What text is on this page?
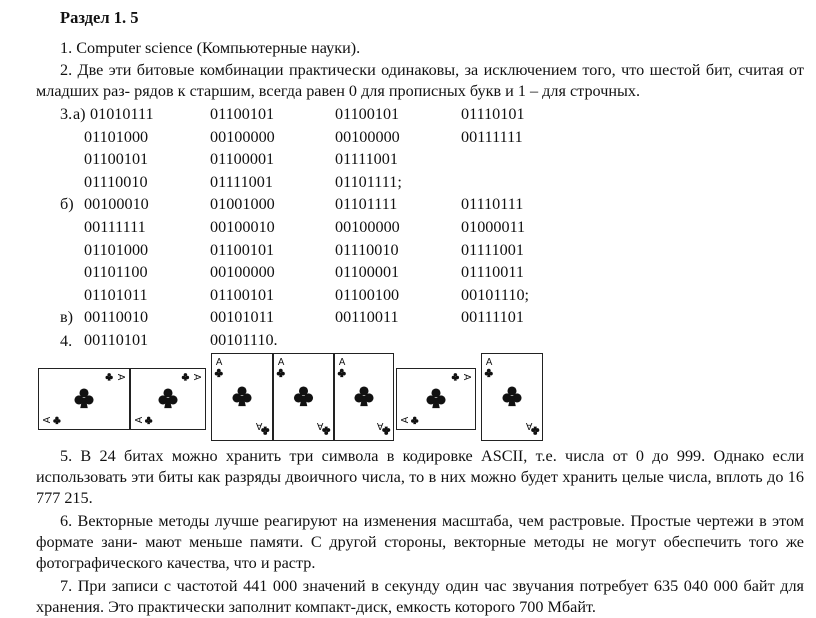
Раздел 1. 5
1. Computer science (Компьютерные науки).
2. Две эти битовые комбинации практически одинаковы, за исключением того, что шестой бит, считая от младших раз- рядов к старшим, всегда равен 0 для прописных букв и 1 – для строчных.
3. а) 01010111	01100101	01100101	01110101
01101000	00100000	00100000	00111111
01100101	01100001	01111001
01110010	01111001	01101111;
б) 00100010	01001000	01101111	01110111
00111111	00100010	00100000	01000011
01101000	01100101	01110010	01111001
01101100	00100000	01100001	01110011
01101011	01100101	01100100	00101110;
в) 00110010	00101011	00110011	00111101
00110101	00101110.
4.
A
A
A
A
A
A
A
A
A
A
A
A
A
A
5. В 24 битах можно хранить три символа в кодировке ASCII, т.е. числа от 0 до 999. Однако если использовать эти биты как разряды двоичного числа, то в них можно будет хранить целые числа, вплоть до 16 777 215.
6. Векторные методы лучше реагируют на изменения масштаба, чем растровые. Простые чертежи в этом формате зани- мают меньше памяти. С другой стороны, векторные методы не могут обеспечить того же фотографического качества, что и растр.
7. При записи с частотой 441 000 значений в секунду один час звучания потребует 635 040 000 байт для хранения. Это практически заполнит компакт-диск, емкость которого 700 Мбайт.
